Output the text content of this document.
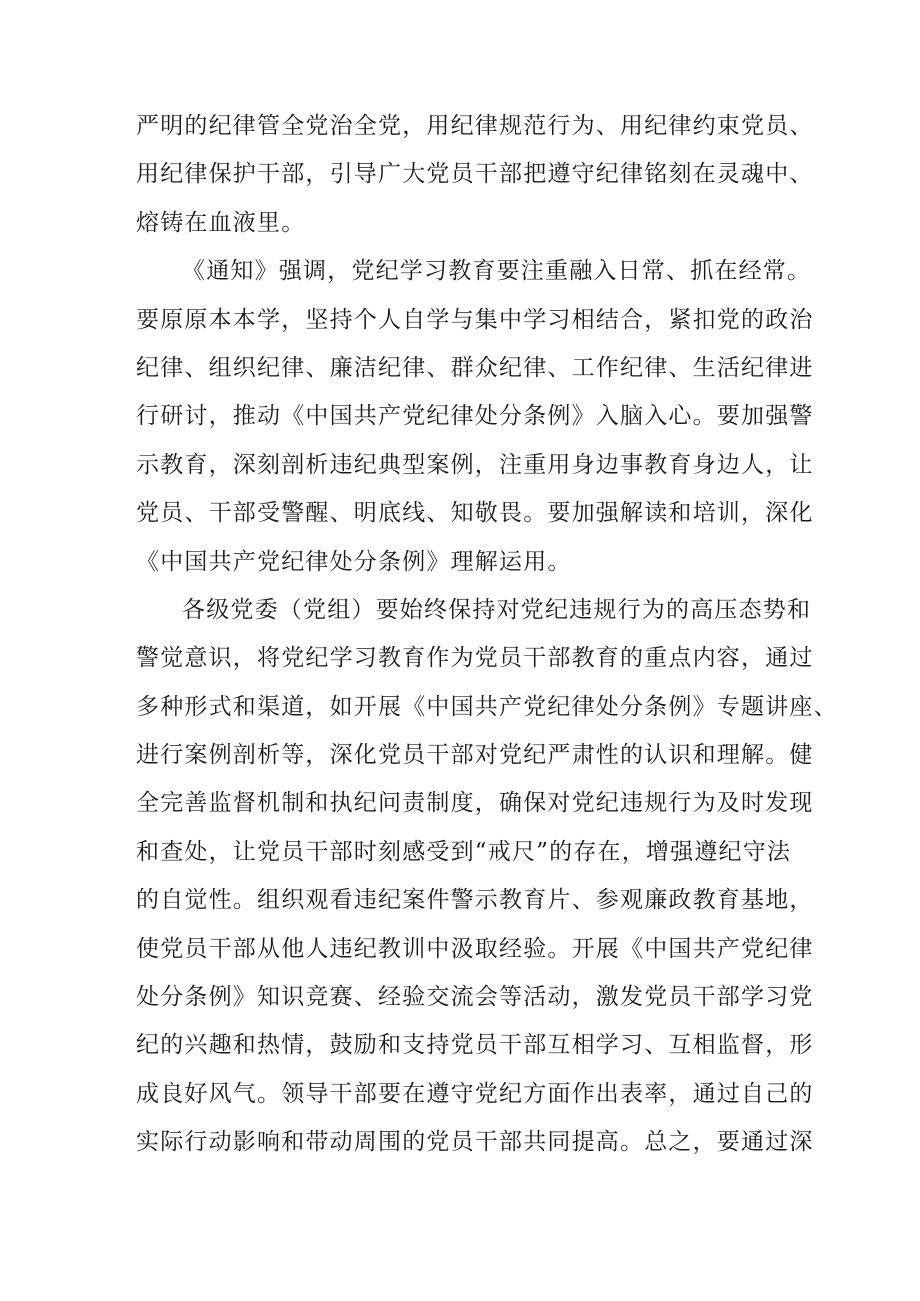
严明的纪律管全党治全党，用纪律规范行为、用纪律约束党员、
用纪律保护干部，引导广大党员干部把遵守纪律铭刻在灵魂中、
熔铸在血液里。
《通知》强调，党纪学习教育要注重融入日常、抓在经常。
要原原本本学，坚持个人自学与集中学习相结合，紧扣党的政治
纪律、组织纪律、廉洁纪律、群众纪律、工作纪律、生活纪律进
行研讨，推动《中国共产党纪律处分条例》入脑入心。要加强警
示教育，深刻剖析违纪典型案例，注重用身边事教育身边人，让
党员、干部受警醒、明底线、知敬畏。要加强解读和培训，深化
《中国共产党纪律处分条例》理解运用。
各级党委（党组）要始终保持对党纪违规行为的高压态势和
警觉意识，将党纪学习教育作为党员干部教育的重点内容，通过
多种形式和渠道，如开展《中国共产党纪律处分条例》专题讲座、
进行案例剖析等，深化党员干部对党纪严肃性的认识和理解。健
全完善监督机制和执纪问责制度，确保对党纪违规行为及时发现
和查处，让党员干部时刻感受到“戒尺”的存在，增强遵纪守法
的自觉性。组织观看违纪案件警示教育片、参观廉政教育基地，
使党员干部从他人违纪教训中汲取经验。开展《中国共产党纪律
处分条例》知识竞赛、经验交流会等活动，激发党员干部学习党
纪的兴趣和热情，鼓励和支持党员干部互相学习、互相监督，形
成良好风气。领导干部要在遵守党纪方面作出表率，通过自己的
实际行动影响和带动周围的党员干部共同提高。总之，要通过深
